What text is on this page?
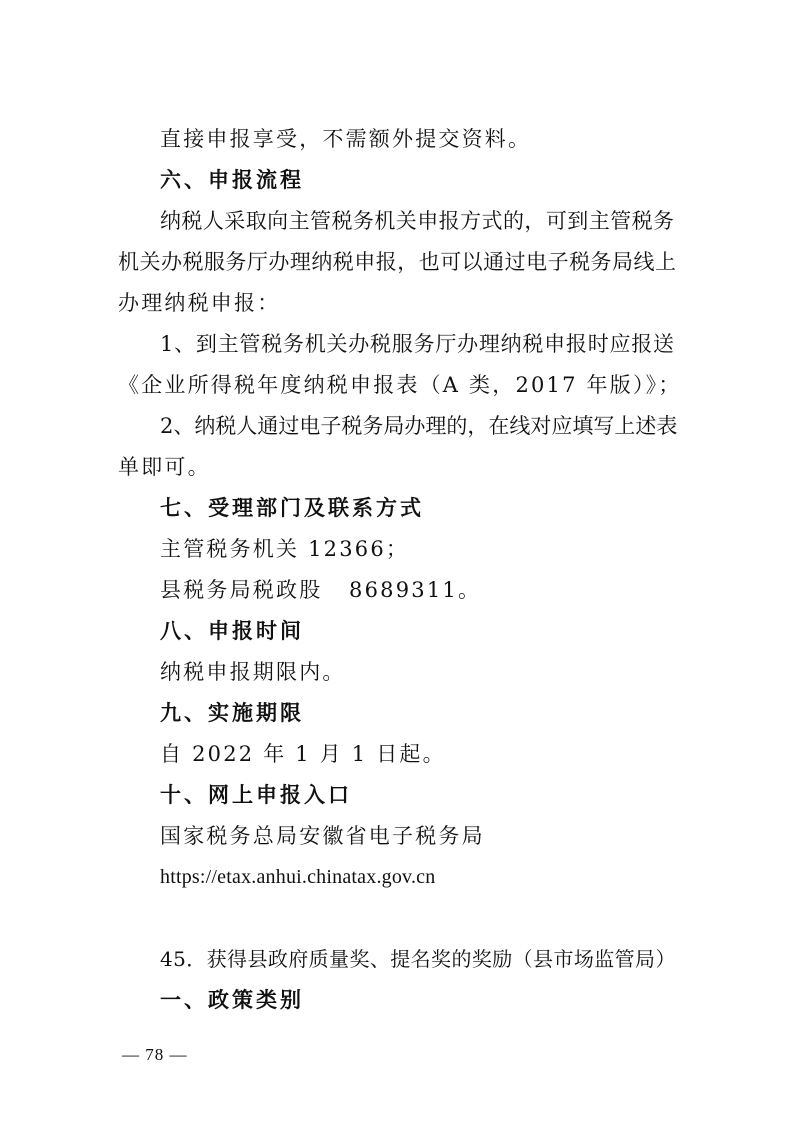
直接申报享受，不需额外提交资料。
六、申报流程
纳税人采取向主管税务机关申报方式的，可到主管税务
机关办税服务厅办理纳税申报，也可以通过电子税务局线上
办理纳税申报：
1、到主管税务机关办税服务厅办理纳税申报时应报送
《企业所得税年度纳税申报表（A 类，2017 年版）》；
2、纳税人通过电子税务局办理的，在线对应填写上述表
单即可。
七、受理部门及联系方式
主管税务机关 12366；
县税务局税政股   8689311。
八、申报时间
纳税申报期限内。
九、实施期限
自 2022 年 1 月 1 日起。
十、网上申报入口
国家税务总局安徽省电子税务局
https://etax.anhui.chinatax.gov.cn
45．获得县政府质量奖、提名奖的奖励（县市场监管局）
一、政策类别
— 78 —
